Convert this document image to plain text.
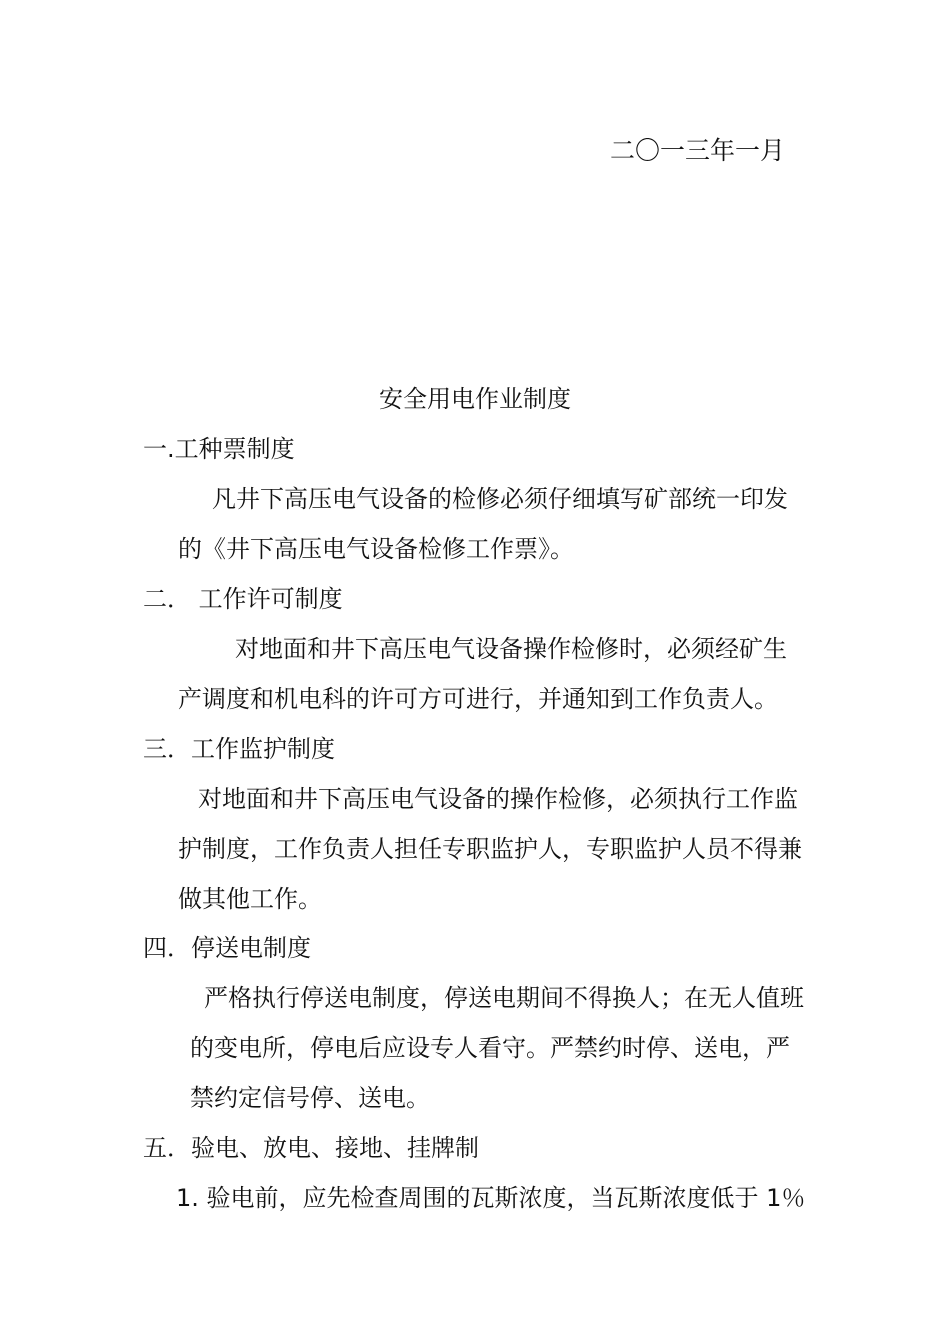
二〇一三年一月
安全用电作业制度
一.工种票制度
凡井下高压电气设备的检修必须仔细填写矿部统一印发
的《井下高压电气设备检修工作票》。
二． 工作许可制度
对地面和井下高压电气设备操作检修时，必须经矿生
产调度和机电科的许可方可进行，并通知到工作负责人。
三．工作监护制度
对地面和井下高压电气设备的操作检修，必须执行工作监
护制度，工作负责人担任专职监护人，专职监护人员不得兼
做其他工作。
四．停送电制度
严格执行停送电制度，停送电期间不得换人；在无人值班
的变电所，停电后应设专人看守。严禁约时停、送电，严
禁约定信号停、送电。
五．验电、放电、接地、挂牌制
1. 验电前，应先检查周围的瓦斯浓度，当瓦斯浓度低于 1％
